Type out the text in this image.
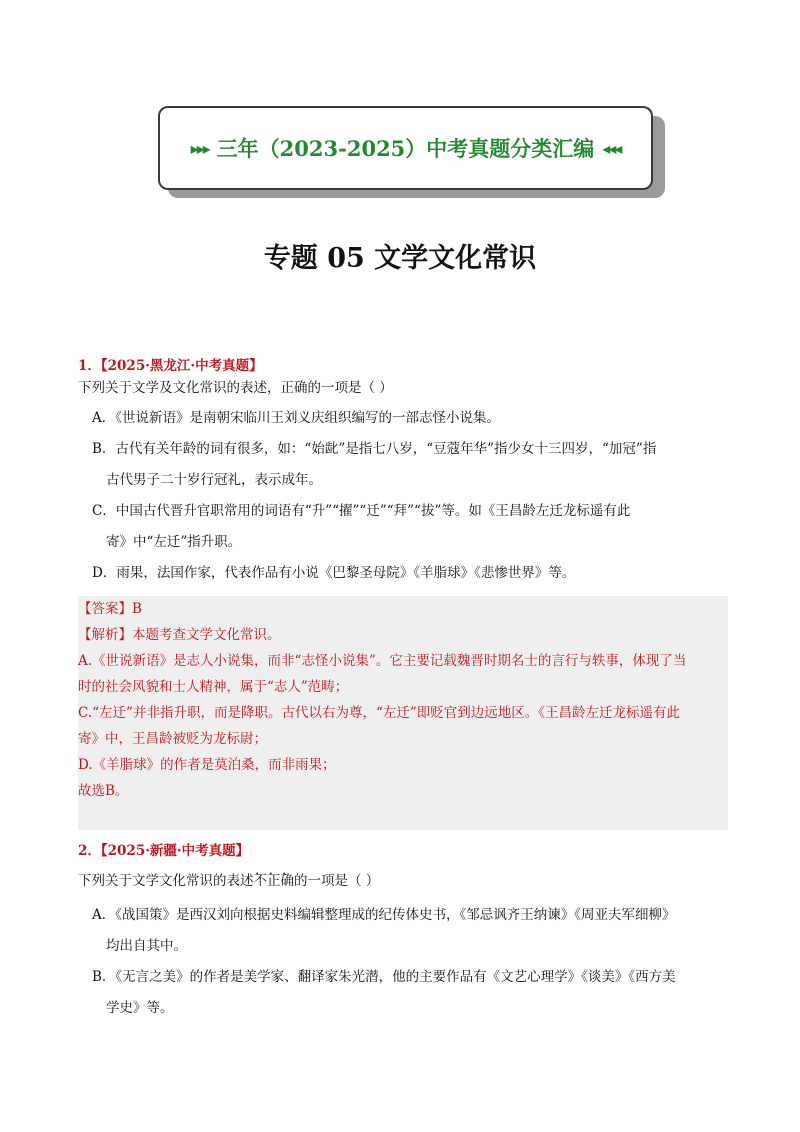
▸▸▸ 三年（2023-2025）中考真题分类汇编 ◂◂◂
专题 05 文学文化常识
1．【2025·黑龙江·中考真题】
下列关于文学及文化常识的表述，正确的一项是（ ）
A．《世说新语》是南朝宋临川王刘义庆组织编写的一部志怪小说集。
B．古代有关年龄的词有很多，如：“始龀”是指七八岁，“豆蔻年华”指少女十三四岁，“加冠”指
古代男子二十岁行冠礼，表示成年。
C．中国古代晋升官职常用的词语有“升”“擢”“迁”“拜”“拔”等。如《王昌龄左迁龙标遥有此
寄》中“左迁”指升职。
D．雨果，法国作家，代表作品有小说《巴黎圣母院》《羊脂球》《悲惨世界》等。
【答案】B
【解析】本题考查文学文化常识。
A.《世说新语》是志人小说集，而非“志怪小说集”。它主要记载魏晋时期名士的言行与轶事，体现了当
时的社会风貌和士人精神，属于“志人”范畴；
C.“左迁”并非指升职，而是降职。古代以右为尊，“左迁”即贬官到边远地区。《王昌龄左迁龙标遥有此
寄》中，王昌龄被贬为龙标尉；
D.《羊脂球》的作者是莫泊桑，而非雨果；
故选B。
2．【2025·新疆·中考真题】
下列关于文学文化常识的表述• • • 不正确的一项是（ ）
A．《战国策》是西汉刘向根据史料编辑整理成的纪传体史书，《邹忌讽齐王纳谏》《周亚夫军细柳》
均出自其中。
B．《无言之美》的作者是美学家、翻译家朱光潜，他的主要作品有《文艺心理学》《谈美》《西方美
学史》等。
